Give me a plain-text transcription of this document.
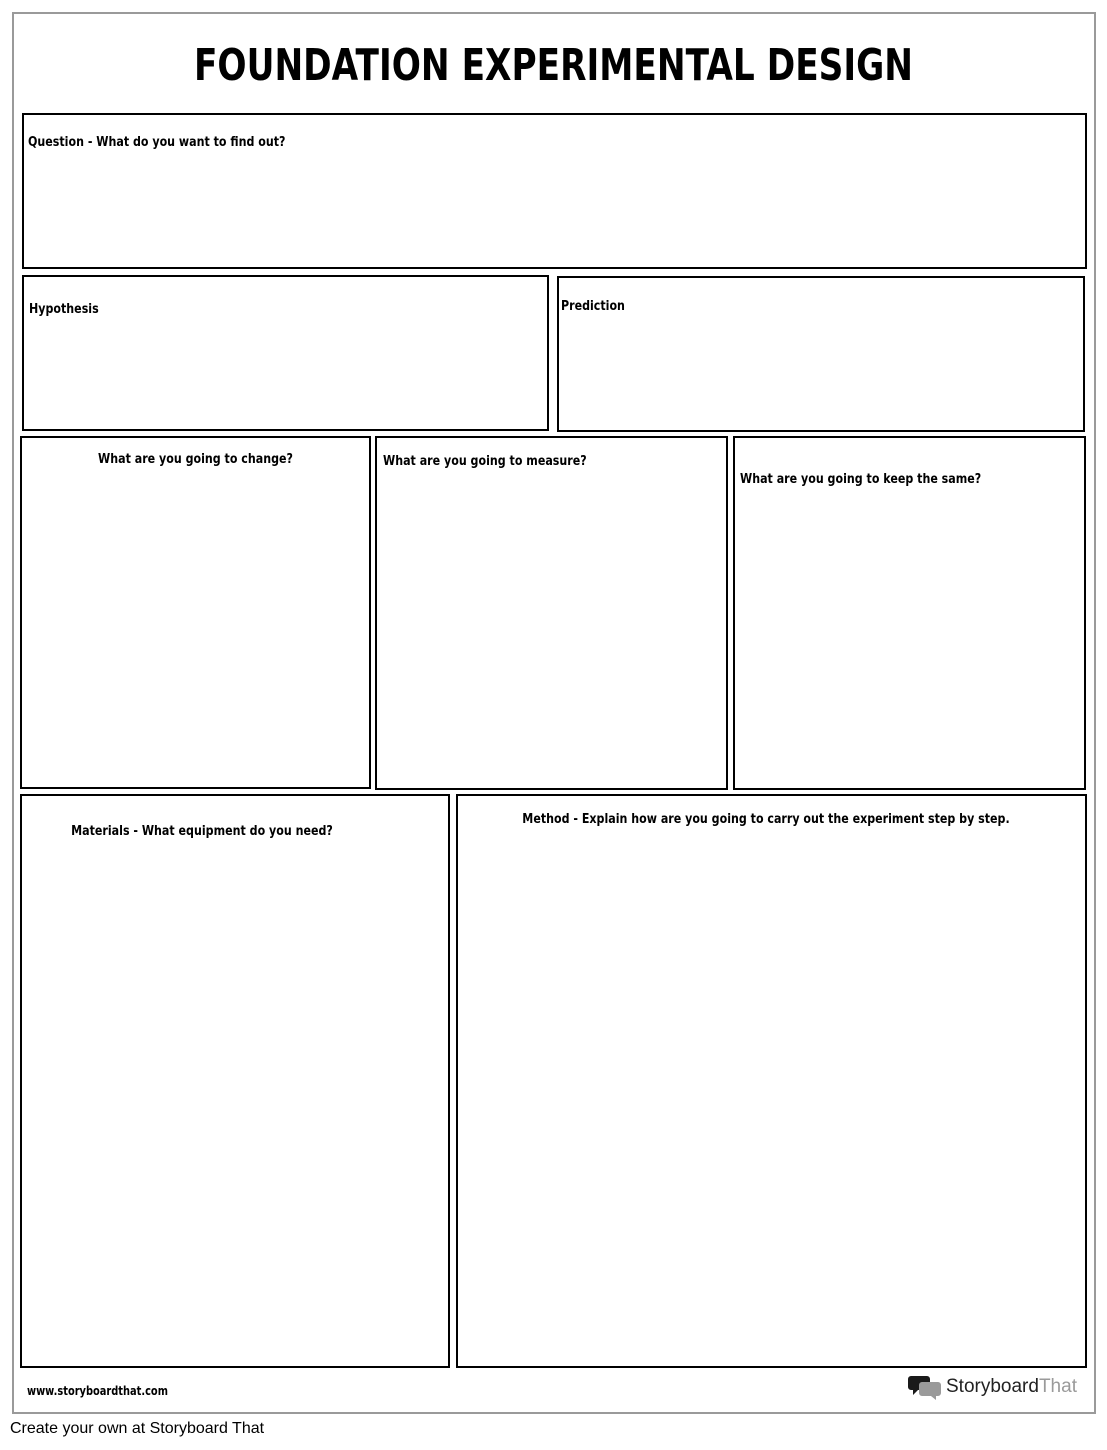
FOUNDATION EXPERIMENTAL DESIGN
Question - What do you want to find out?
Hypothesis	Prediction
What are you going to change?	What are you going to measure?
What are you going to keep the same?
Materials - What equipment do you need?
Method - Explain how are you going to carry out the experiment step by step.
www.storyboardthat.com	StoryboardThat
Create your own at Storyboard That
